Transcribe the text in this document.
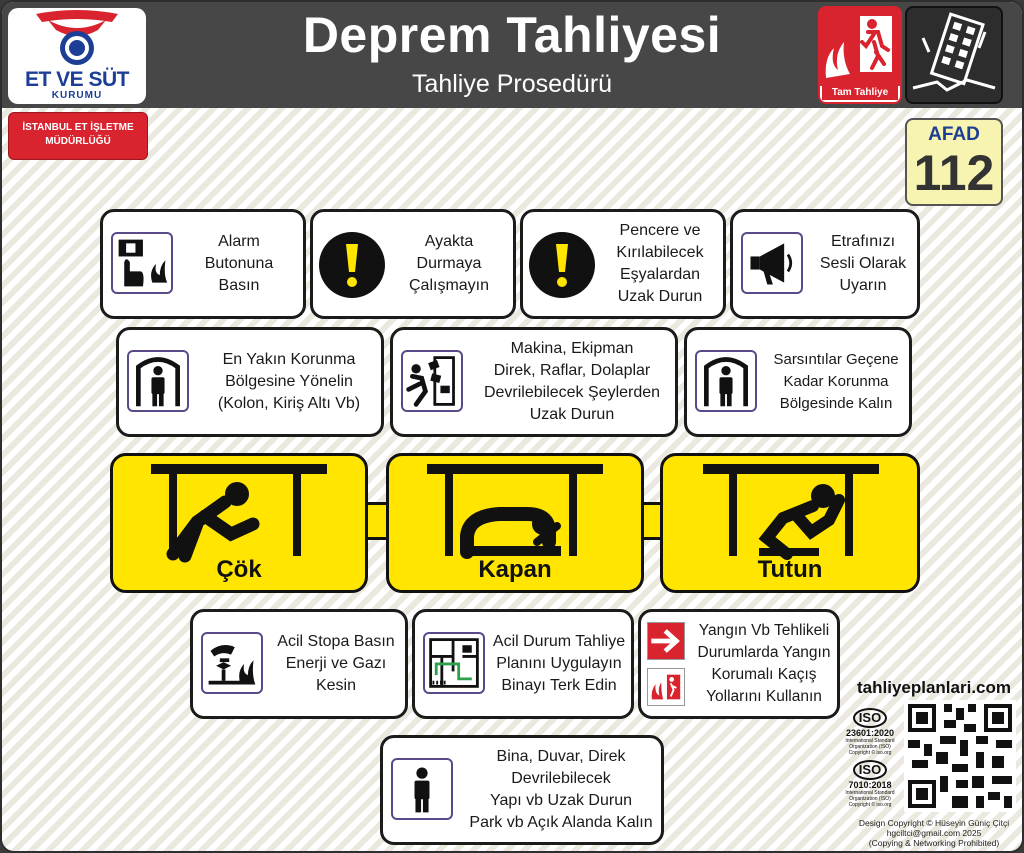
Deprem Tahliyesi
Tahliye Prosedürü
ET VE SÜT
KURUMU
İSTANBUL ET İŞLETME
MÜDÜRLÜĞÜ
Tam Tahliye
AFAD
112
Alarm
Butonuna
Basın
Ayakta
Durmaya
Çalışmayın
Pencere ve
Kırılabilecek
Eşyalardan
Uzak Durun
Etrafınızı
Sesli Olarak
Uyarın
En Yakın Korunma
Bölgesine Yönelin
(Kolon, Kiriş Altı Vb)
Makina, Ekipman
Direk, Raflar, Dolaplar
Devrilebilecek Şeylerden
Uzak Durun
Sarsıntılar Geçene
Kadar Korunma
Bölgesinde Kalın
Çök	Kapan	Tutun
Acil Stopa Basın
Enerji ve Gazı
Kesin
Acil Durum Tahliye
Planını Uygulayın
Binayı Terk Edin
Yangın Vb Tehlikeli
Durumlarda Yangın
Korumalı Kaçış
Yollarını Kullanın
Bina, Duvar, Direk
Devrilebilecek
Yapı vb Uzak Durun
Park vb Açık Alanda Kalın
tahliyeplanlari.com
ISO
23601:2020
International Standard Organization (ISO) Copyright © iso.org
ISO
7010:2018
International Standard Organization (ISO) Copyright © iso.org
Design Copyright © Hüseyin Güniç Çitçi
hgciltci@gmail.com 2025
(Copying & Networking Prohibited)
